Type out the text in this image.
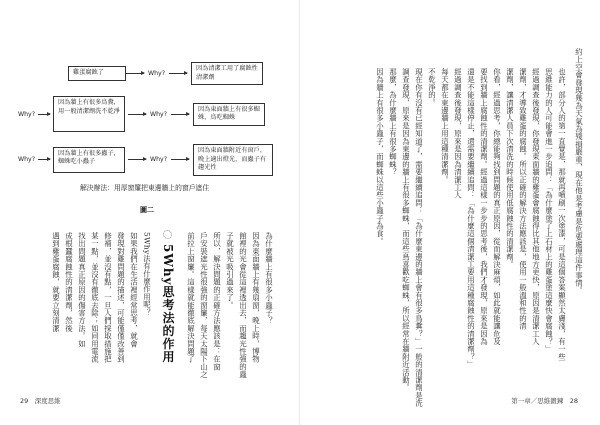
雞蛋腐蝕了	Why?
因為清潔工用了腐蝕性清潔劑
Why?
因為牆上有很多鳥糞，用一般清潔劑洗不乾淨	Why?
因為東面牆上有很多蜘蛛，鳥吃蜘蛛
Why?
因為牆上有很多蟲子，蜘蛛吃小蟲子	Why?
因為東面牆附近有窗戶，晚上適出燈光，而蟲子有趨光性
解決辦法：用厚窗簾把東邊牆上的窗戶遮住
圖二
為什麼牆上有很多小蟲子？
因為東面牆上有幾扇窗，晚上時，博物
館裡的光會從這裡透出去，而趨光性強的蟲
子就被光吸引過來了。
所以，解決問題的正確方法應該是：在窗
戶安裝遮光性很強的窗簾，每天太陽下山之
前拉上窗簾。這樣就能徹底解決問題了
5Why思考法的作用
5Why法有什麼作用呢？
如果我們在生活裡經常思考，就會
發現對雞問題的描述，可能僅僅改善到
修補，並沒有點，一旦人們採取措施把
某一點，並沒有徹底去除；如同用電流
找出問題真正原因的傷害方法。如
成根蠶腐蝕性的清潔劑，然後
遇到雞蛋腐蝕，就要立刻清潔
29　深度思維
約上空會發現幾為天氣為殘損嚴重，現在他是考慮是危要處理這件事情。
也許，部分人的第一直覺是，那就再噴刷一次塗漆，可是這個答案顯然太膚淺，有一些
思維能力的人可能會進一步追問：「為什麼塗了上石材上的雞蛋塗這麼快會腐蝕？」
經過調查後發現，你發現東面牆的雞蛋會腐蝕得比其他地方更快，原因是清潔工人
潔劑，才導致雞蛋的腐蝕。所以正確的解決方法應該是，使用一般溫和性的清
潔劑，讓清潔人員下次清洗的時候使用低腐蝕性的清潔劑。
你看，經過思考，你總能夠找到問題的真正原因，從而解決麻煩，如此就能讓危及
要找到牆上腐蝕性的清潔劑。經過這樣一步步的思考後，我們才發現，原來是因為
還是不能這樣停止，還需要繼續追問：「為什麼這個清潔工要用這種腐蝕性的清潔劑？」
經過調查後發現，原來是因為清潔工人
每天都在東邊牆上用這種清潔劑。
不乾淨的。
現在你有沒有已經知道了，需要繼續追問：「為什麼東邊的牆上會有很多鳥糞？」一般的清潔劑是洗
調查發現，原來是因為東邊的牆上有很多蜘蛛，而這些鳥喜歡吃蜘蛛，所以經常在牆附近活動。
那麼，為什麼牆上有很多蜘蛛？
因為牆上有很多小蟲子，而蜘蛛以這些小蟲子為食。
第一章／思維鍛鍊　28
